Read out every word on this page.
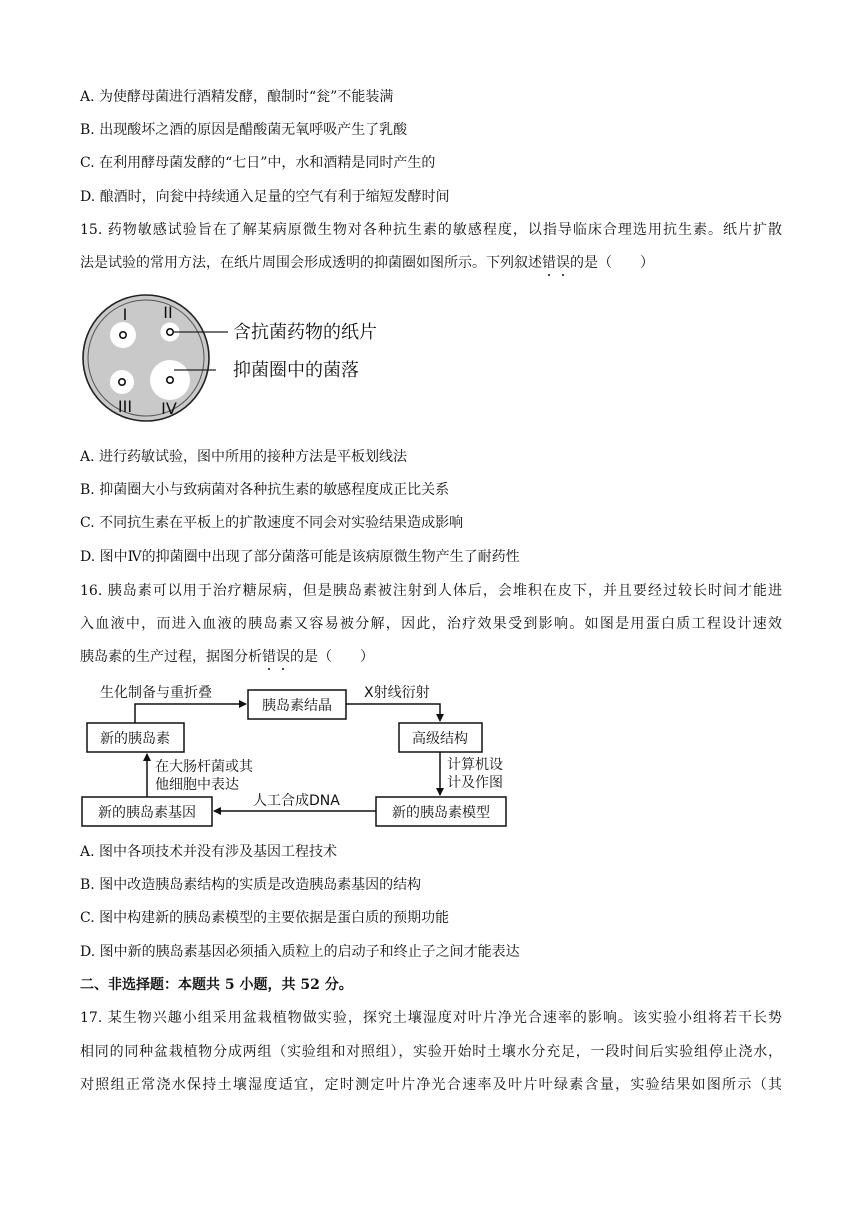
A. 为使酵母菌进行酒精发酵，酿制时“瓮”不能装满
B. 出现酸坏之酒的原因是醋酸菌无氧呼吸产生了乳酸
C. 在利用酵母菌发酵的“七日”中，水和酒精是同时产生的
D. 酿酒时，向瓮中持续通入足量的空气有利于缩短发酵时间
15. 药物敏感试验旨在了解某病原微生物对各种抗生素的敏感程度，以指导临床合理选用抗生素。纸片扩散
法是试验的常用方法，在纸片周围会形成透明的抑菌圈如图所示。下列叙述错误的是（　　）
I II
III IV
含抗菌药物的纸片
抑菌圈中的菌落
A. 进行药敏试验，图中所用的接种方法是平板划线法
B. 抑菌圈大小与致病菌对各种抗生素的敏感程度成正比关系
C. 不同抗生素在平板上的扩散速度不同会对实验结果造成影响
D. 图中Ⅳ的抑菌圈中出现了部分菌落可能是该病原微生物产生了耐药性
16. 胰岛素可以用于治疗糖尿病，但是胰岛素被注射到人体后，会堆积在皮下，并且要经过较长时间才能进
入血液中，而进入血液的胰岛素又容易被分解，因此，治疗效果受到影响。如图是用蛋白质工程设计速效
胰岛素的生产过程，据图分析错误的是（　　）
新的胰岛素
胰岛素结晶
高级结构
新的胰岛素模型
新的胰岛素基因
生化制备与重折叠	X射线衍射
计算机设
计及作图
人工合成DNA
在大肠杆菌或其
他细胞中表达
A. 图中各项技术并没有涉及基因工程技术
B. 图中改造胰岛素结构的实质是改造胰岛素基因的结构
C. 图中构建新的胰岛素模型的主要依据是蛋白质的预期功能
D. 图中新的胰岛素基因必须插入质粒上的启动子和终止子之间才能表达
二、非选择题：本题共 5 小题，共 52 分。
17. 某生物兴趣小组采用盆栽植物做实验，探究土壤湿度对叶片净光合速率的影响。该实验小组将若干长势
相同的同种盆栽植物分成两组（实验组和对照组），实验开始时土壤水分充足，一段时间后实验组停止浇水，
对照组正常浇水保持土壤湿度适宜，定时测定叶片净光合速率及叶片叶绿素含量，实验结果如图所示（其
